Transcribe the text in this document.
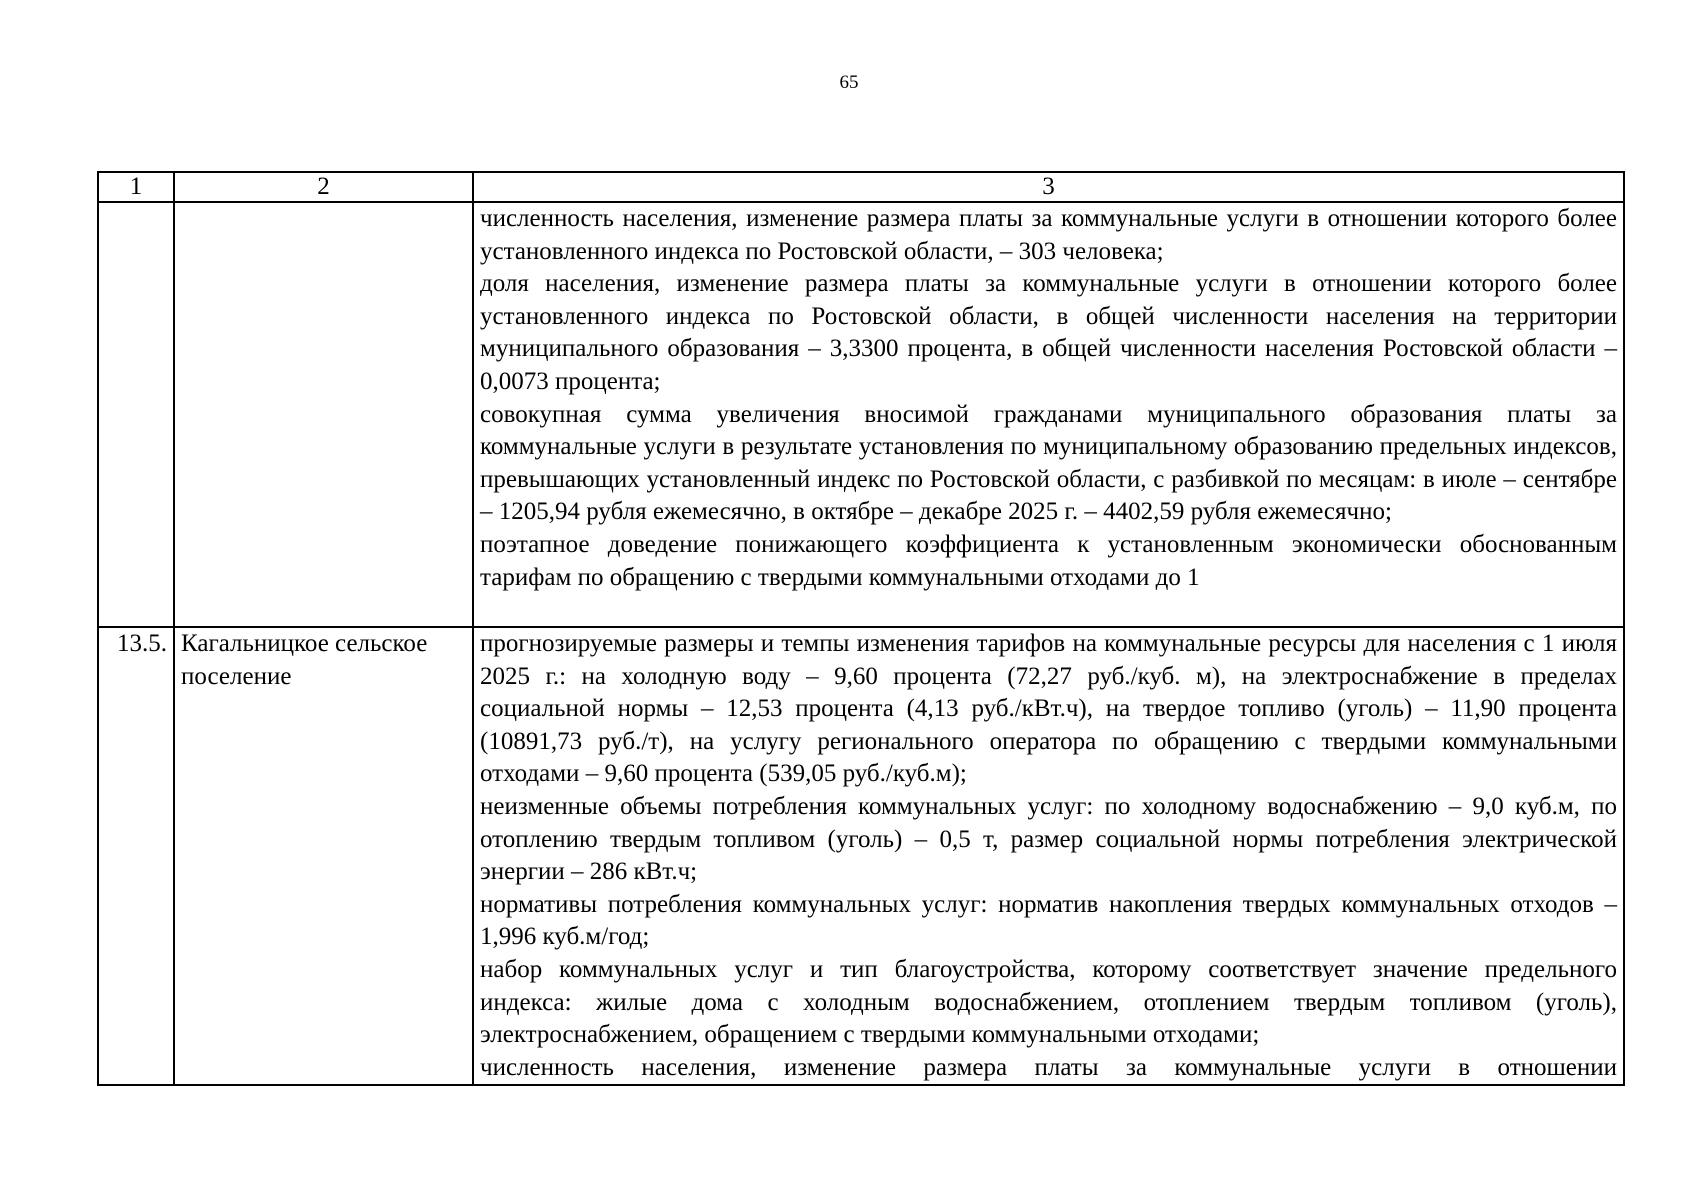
65
1	2	3

		численность населения, изменение размера платы за коммунальные услуги в отношении которого более установленного индекса по Ростовской области, – 303 человека;

доля населения, изменение размера платы за коммунальные услуги в отношении которого более установленного индекса по Ростовской области, в общей численности населения на территории муниципального образования – 3,3300 процента, в общей численности населения Ростовской области – 0,0073 процента;

совокупная сумма увеличения вносимой гражданами муниципального образования платы за коммунальные услуги в результате установления по муниципальному образованию предельных индексов, превышающих установленный индекс по Ростовской области, с разбивкой по месяцам: в июле – сентябре – 1205,94 рубля ежемесячно, в октябре – декабре 2025 г. – 4402,59 рубля ежемесячно;

поэтапное доведение понижающего коэффициента к установленным экономически обоснованным тарифам по обращению с твердыми коммунальными отходами до 1

13.5.	Кагальницкое сельское поселение	прогнозируемые размеры и темпы изменения тарифов на коммунальные ресурсы для населения с 1 июля 2025 г.: на холодную воду – 9,60 процента (72,27 руб./куб. м), на электроснабжение в пределах социальной нормы – 12,53 процента (4,13 руб./кВт.ч), на твердое топливо (уголь) – 11,90 процента (10891,73 руб./т), на услугу регионального оператора по обращению с твердыми коммунальными отходами – 9,60 процента (539,05 руб./куб.м);

неизменные объемы потребления коммунальных услуг: по холодному водоснабжению – 9,0 куб.м, по отоплению твердым топливом (уголь) – 0,5 т, размер социальной нормы потребления электрической энергии – 286 кВт.ч;

нормативы потребления коммунальных услуг: норматив накопления твердых коммунальных отходов – 1,996 куб.м/год;

набор коммунальных услуг и тип благоустройства, которому соответствует значение предельного индекса: жилые дома с холодным водоснабжением, отоплением твердым топливом (уголь), электроснабжением, обращением с твердыми коммунальными отходами;

численность населения, изменение размера платы за коммунальные услуги в отношении
